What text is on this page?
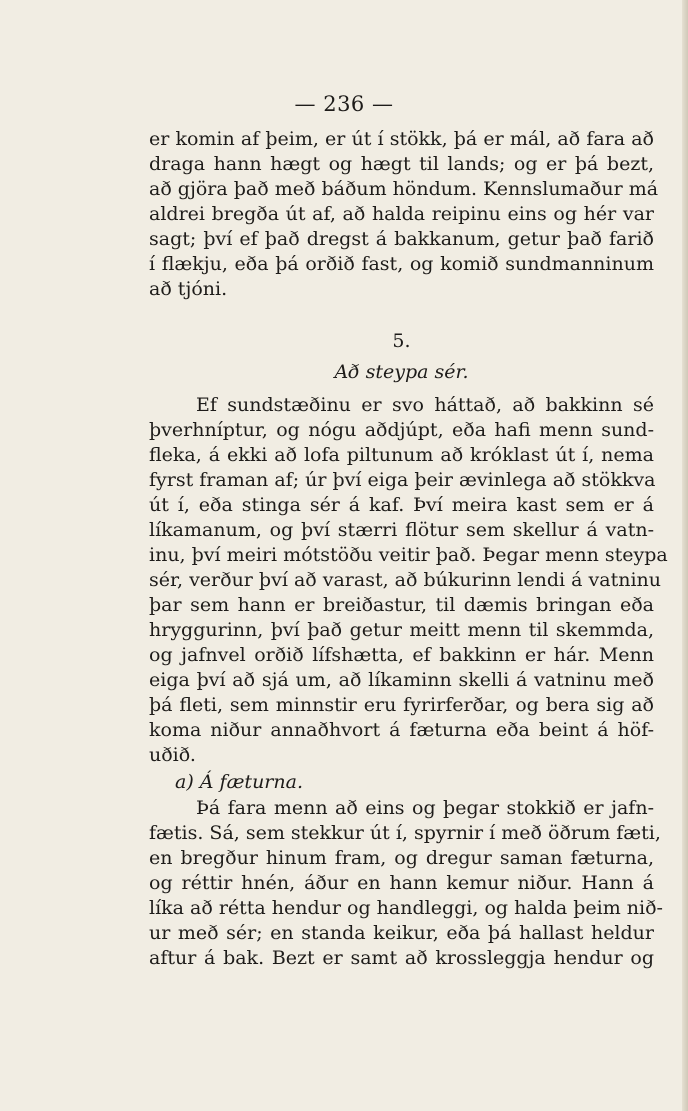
— 236 —
er komin af þeim, er út í stökk, þá er mál, að fara að
draga hann hægt og hægt til lands; og er þá bezt,
að gjöra það með báðum höndum. Kennslumaður má
aldrei bregða út af, að halda reipinu eins og hér var
sagt; því ef það dregst á bakkanum, getur það farið
í flækju, eða þá orðið fast, og komið sundmanninum
að tjóni.
5.
Að steypa sér.
Ef sundstæðinu er svo háttað, að bakkinn sé
þverhníptur, og nógu aðdjúpt, eða hafi menn sund-
fleka, á ekki að lofa piltunum að króklast út í, nema
fyrst framan af; úr því eiga þeir ævinlega að stökkva
út í, eða stinga sér á kaf. Því meira kast sem er á
líkamanum, og því stærri flötur sem skellur á vatn-
inu, því meiri mótstöðu veitir það. Þegar menn steypa
sér, verður því að varast, að búkurinn lendi á vatninu
þar sem hann er breiðastur, til dæmis bringan eða
hryggurinn, því það getur meitt menn til skemmda,
og jafnvel orðið lífshætta, ef bakkinn er hár. Menn
eiga því að sjá um, að líkaminn skelli á vatninu með
þá fleti, sem minnstir eru fyrirferðar, og bera sig að
koma niður annaðhvort á fæturna eða beint á höf-
uðið.
a) Á fæturna.
Þá fara menn að eins og þegar stokkið er jafn-
fætis. Sá, sem stekkur út í, spyrnir í með öðrum fæti,
en bregður hinum fram, og dregur saman fæturna,
og réttir hnén, áður en hann kemur niður. Hann á
líka að rétta hendur og handleggi, og halda þeim nið-
ur með sér; en standa keikur, eða þá hallast heldur
aftur á bak. Bezt er samt að krossleggja hendur og
